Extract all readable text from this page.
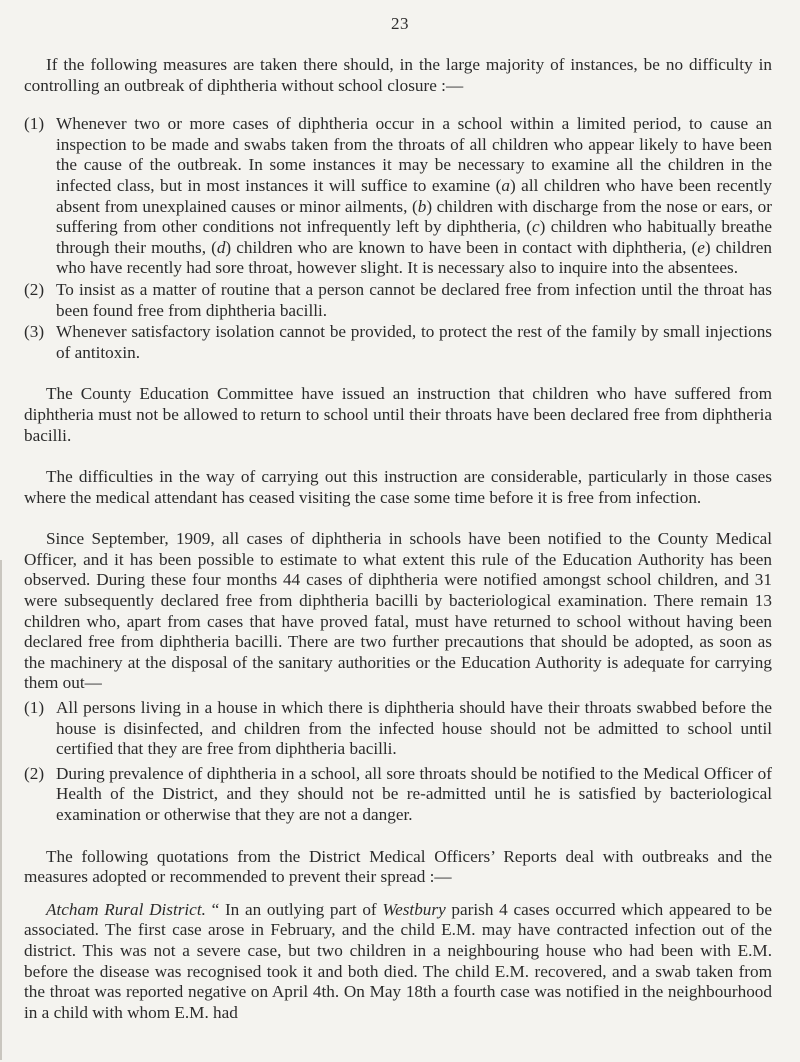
23

If the following measures are taken there should, in the large majority of instances, be no difficulty in controlling an outbreak of diphtheria without school closure :—

(1) Whenever two or more cases of diphtheria occur in a school within a limited period, to cause an inspection to be made and swabs taken from the throats of all children who appear likely to have been the cause of the outbreak. In some instances it may be necessary to examine all the children in the infected class, but in most instances it will suffice to examine (a) all children who have been recently absent from unexplained causes or minor ailments, (b) children with discharge from the nose or ears, or suffering from other conditions not infrequently left by diphtheria, (c) children who habitually breathe through their mouths, (d) children who are known to have been in contact with diphtheria, (e) children who have recently had sore throat, however slight. It is necessary also to inquire into the absentees.
(2) To insist as a matter of routine that a person cannot be declared free from infection until the throat has been found free from diphtheria bacilli.
(3) Whenever satisfactory isolation cannot be provided, to protect the rest of the family by small injections of antitoxin.

The County Education Committee have issued an instruction that children who have suffered from diphtheria must not be allowed to return to school until their throats have been declared free from diphtheria bacilli.

The difficulties in the way of carrying out this instruction are considerable, particularly in those cases where the medical attendant has ceased visiting the case some time before it is free from infection.

Since September, 1909, all cases of diphtheria in schools have been notified to the County Medical Officer, and it has been possible to estimate to what extent this rule of the Education Authority has been observed. During these four months 44 cases of diphtheria were notified amongst school children, and 31 were subsequently declared free from diphtheria bacilli by bacteriological examination. There remain 13 children who, apart from cases that have proved fatal, must have returned to school without having been declared free from diphtheria bacilli. There are two further precautions that should be adopted, as soon as the machinery at the disposal of the sanitary authorities or the Education Authority is adequate for carrying them out—

(1) All persons living in a house in which there is diphtheria should have their throats swabbed before the house is disinfected, and children from the infected house should not be admitted to school until certified that they are free from diphtheria bacilli.
(2) During prevalence of diphtheria in a school, all sore throats should be notified to the Medical Officer of Health of the District, and they should not be re-admitted until he is satisfied by bacteriological examination or otherwise that they are not a danger.

The following quotations from the District Medical Officers’ Reports deal with outbreaks and the measures adopted or recommended to prevent their spread :—

Atcham Rural District. “ In an outlying part of Westbury parish 4 cases occurred which appeared to be associated. The first case arose in February, and the child E.M. may have contracted infection out of the district. This was not a severe case, but two children in a neighbouring house who had been with E.M. before the disease was recognised took it and both died. The child E.M. recovered, and a swab taken from the throat was reported negative on April 4th. On May 18th a fourth case was notified in the neighbourhood in a child with whom E.M. had
